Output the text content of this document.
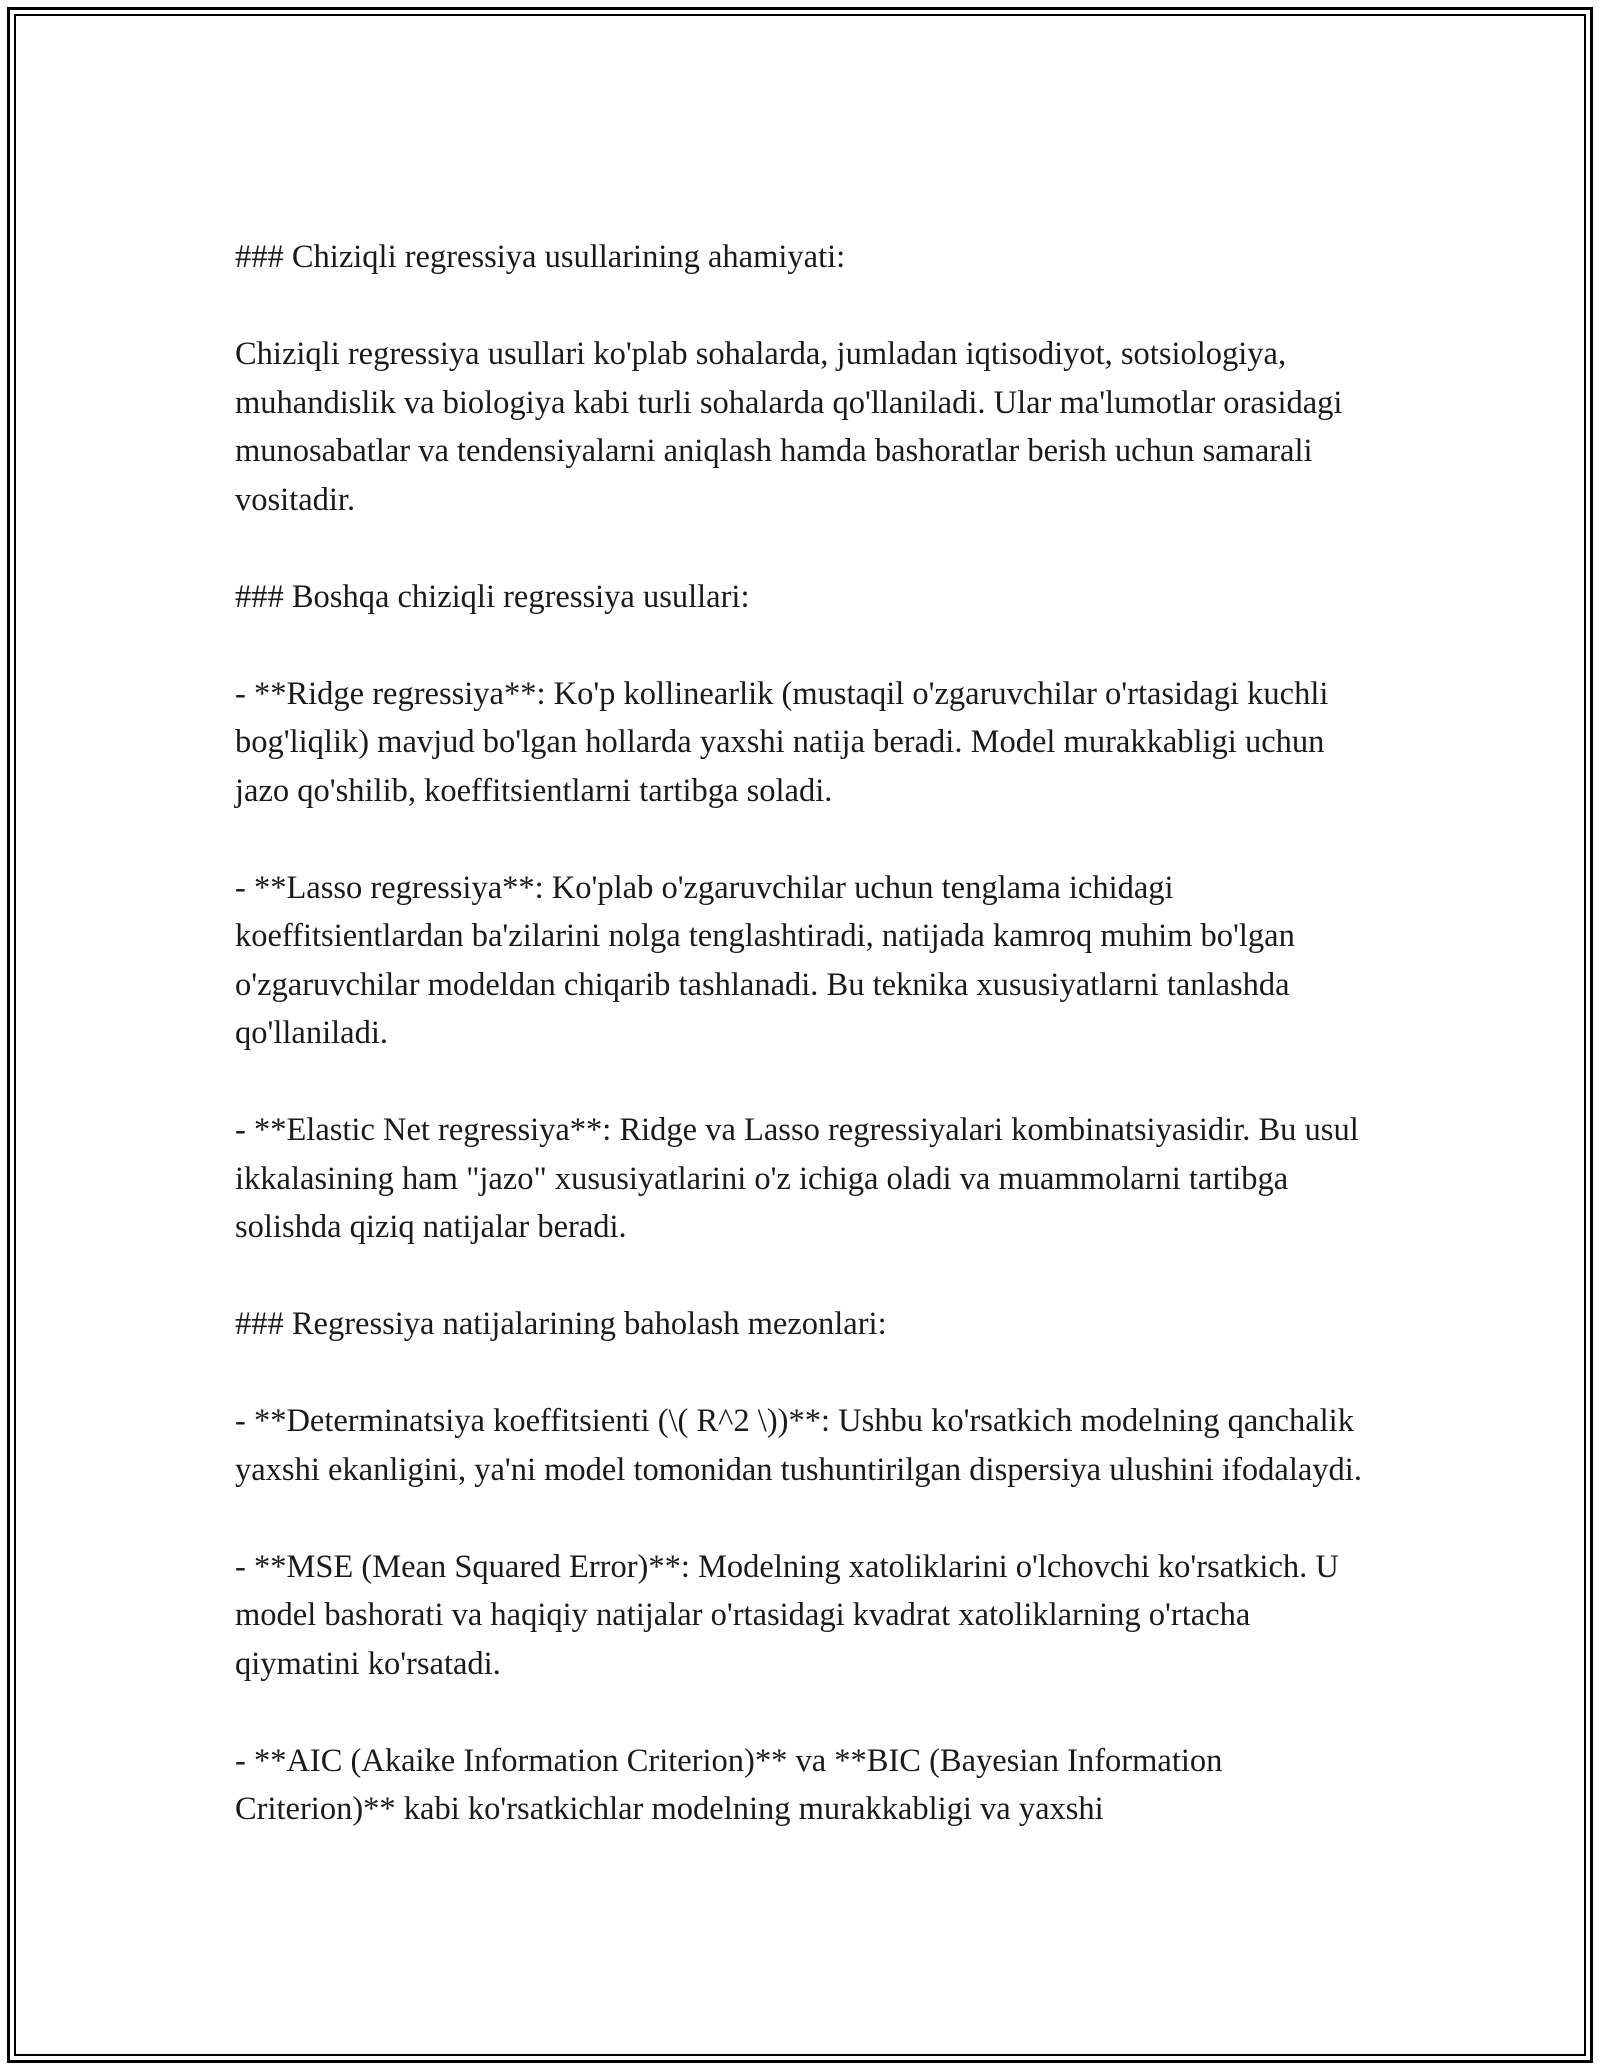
### Chiziqli regressiya usullarining ahamiyati:

Chiziqli regressiya usullari ko'plab sohalarda, jumladan iqtisodiyot, sotsiologiya, muhandislik va biologiya kabi turli sohalarda qo'llaniladi. Ular ma'lumotlar orasidagi munosabatlar va tendensiyalarni aniqlash hamda bashoratlar berish uchun samarali vositadir.

### Boshqa chiziqli regressiya usullari:

- **Ridge regressiya**: Ko'p kollinearlik (mustaqil o'zgaruvchilar o'rtasidagi kuchli bog'liqlik) mavjud bo'lgan hollarda yaxshi natija beradi. Model murakkabligi uchun jazo qo'shilib, koeffitsientlarni tartibga soladi.

- **Lasso regressiya**: Ko'plab o'zgaruvchilar uchun tenglama ichidagi koeffitsientlardan ba'zilarini nolga tenglashtiradi, natijada kamroq muhim bo'lgan o'zgaruvchilar modeldan chiqarib tashlanadi. Bu teknika xususiyatlarni tanlashda qo'llaniladi.

- **Elastic Net regressiya**: Ridge va Lasso regressiyalari kombinatsiyasidir. Bu usul ikkalasining ham "jazo" xususiyatlarini o'z ichiga oladi va muammolarni tartibga solishda qiziq natijalar beradi.

### Regressiya natijalarining baholash mezonlari:

- **Determinatsiya koeffitsienti (\( R^2 \))**: Ushbu ko'rsatkich modelning qanchalik yaxshi ekanligini, ya'ni model tomonidan tushuntirilgan dispersiya ulushini ifodalaydi.

- **MSE (Mean Squared Error)**: Modelning xatoliklarini o'lchovchi ko'rsatkich. U model bashorati va haqiqiy natijalar o'rtasidagi kvadrat xatoliklarning o'rtacha qiymatini ko'rsatadi.

- **AIC (Akaike Information Criterion)** va **BIC (Bayesian Information Criterion)** kabi ko'rsatkichlar modelning murakkabligi va yaxshi
